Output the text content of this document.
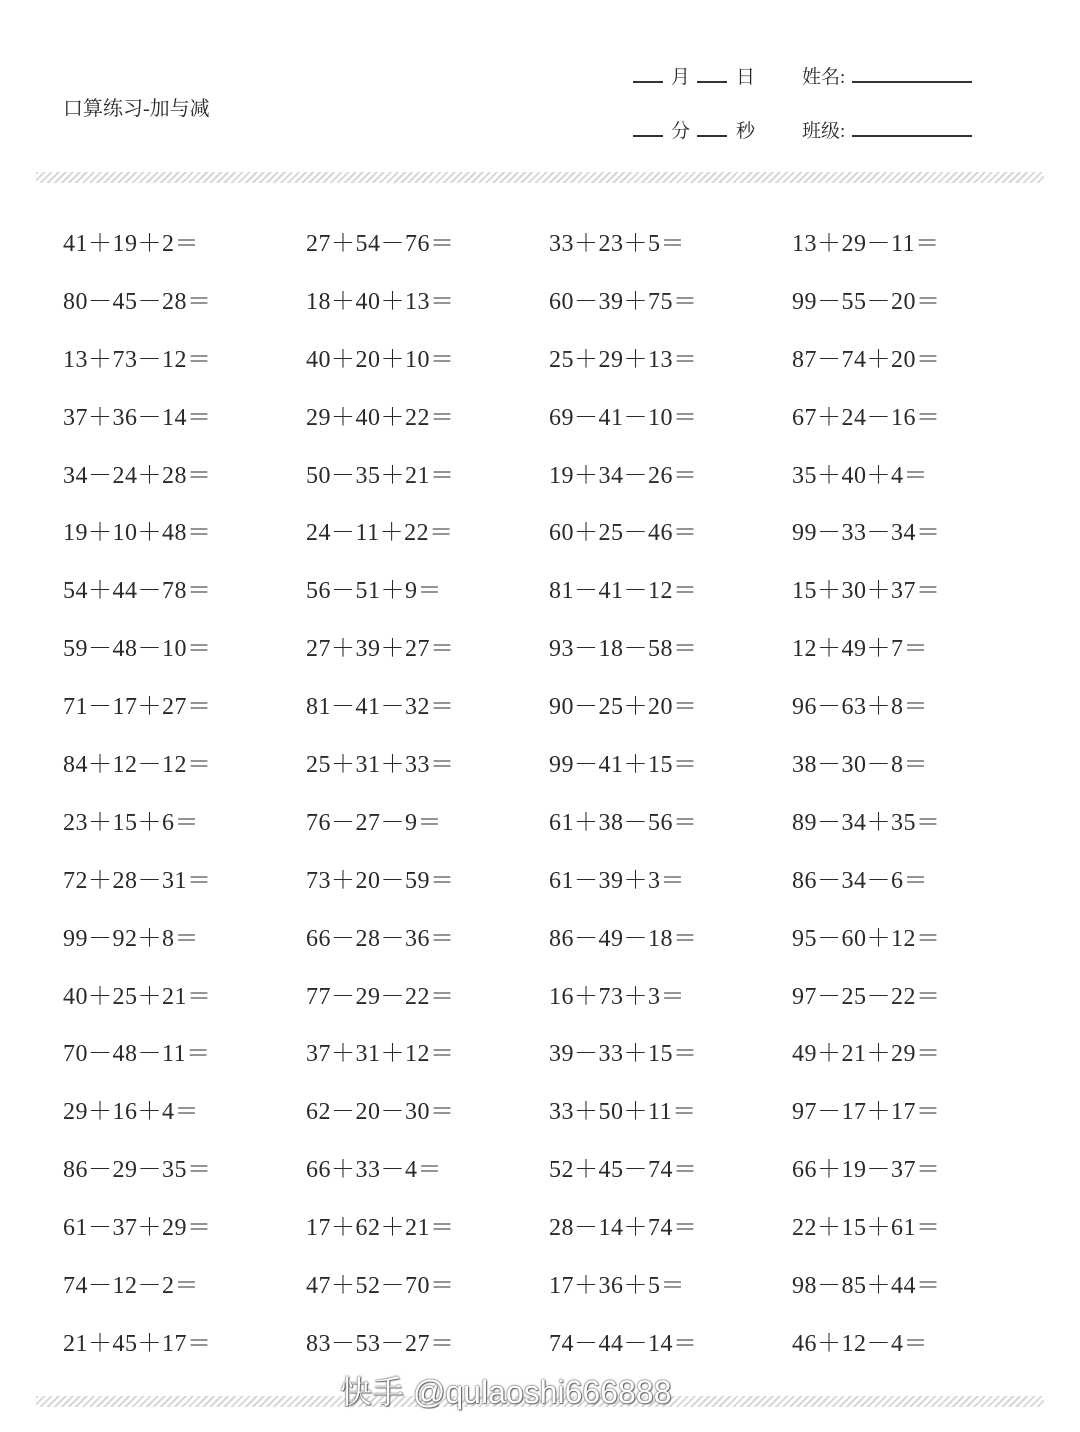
口算练习-加与减
月 日 姓名:
分 秒 班级:
41＋19＋2＝	27＋54－76＝	33＋23＋5＝	13＋29－11＝
80－45－28＝	18＋40＋13＝	60－39＋75＝	99－55－20＝
13＋73－12＝	40＋20＋10＝	25＋29＋13＝	87－74＋20＝
37＋36－14＝	29＋40＋22＝	69－41－10＝	67＋24－16＝
34－24＋28＝	50－35＋21＝	19＋34－26＝	35＋40＋4＝
19＋10＋48＝	24－11＋22＝	60＋25－46＝	99－33－34＝
54＋44－78＝	56－51＋9＝	81－41－12＝	15＋30＋37＝
59－48－10＝	27＋39＋27＝	93－18－58＝	12＋49＋7＝
71－17＋27＝	81－41－32＝	90－25＋20＝	96－63＋8＝
84＋12－12＝	25＋31＋33＝	99－41＋15＝	38－30－8＝
23＋15＋6＝	76－27－9＝	61＋38－56＝	89－34＋35＝
72＋28－31＝	73＋20－59＝	61－39＋3＝	86－34－6＝
99－92＋8＝	66－28－36＝	86－49－18＝	95－60＋12＝
40＋25＋21＝	77－29－22＝	16＋73＋3＝	97－25－22＝
70－48－11＝	37＋31＋12＝	39－33＋15＝	49＋21＋29＝
29＋16＋4＝	62－20－30＝	33＋50＋11＝	97－17＋17＝
86－29－35＝	66＋33－4＝	52＋45－74＝	66＋19－37＝
61－37＋29＝	17＋62＋21＝	28－14＋74＝	22＋15＋61＝
74－12－2＝	47＋52－70＝	17＋36＋5＝	98－85＋44＝
21＋45＋17＝	83－53－27＝	74－44－14＝	46＋12－4＝
快手 @qulaoshi666888
